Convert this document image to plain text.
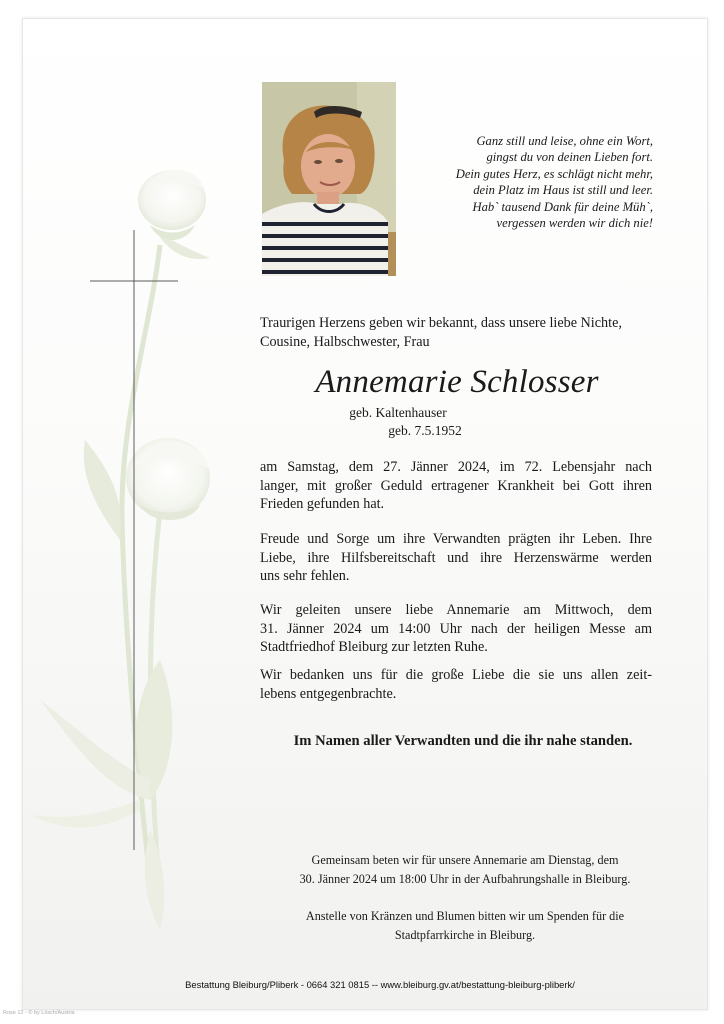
Ganz still und leise, ohne ein Wort,
gingst du von deinen Lieben fort.
Dein gutes Herz, es schlägt nicht mehr,
dein Platz im Haus ist still und leer.
Hab` tausend Dank für deine Müh`,
vergessen werden wir dich nie!
Traurigen Herzens geben wir bekannt, dass unsere liebe Nichte,
Cousine, Halbschwester, Frau
Annemarie Schlosser
geb. Kaltenhauser
geb. 7.5.1952
am Samstag, dem 27. Jänner 2024, im 72. Lebensjahr nach
langer, mit großer Geduld ertragener Krankheit bei Gott ihren
Frieden gefunden hat.
Freude und Sorge um ihre Verwandten prägten ihr Leben. Ihre
Liebe, ihre Hilfsbereitschaft und ihre Herzenswärme werden
uns sehr fehlen.
Wir geleiten unsere liebe Annemarie am Mittwoch, dem
31. Jänner 2024 um 14:00 Uhr nach der heiligen Messe am
Stadtfriedhof Bleiburg zur letzten Ruhe.
Wir bedanken uns für die große Liebe die sie uns allen zeit-
lebens entgegenbrachte.
Im Namen aller Verwandten und die ihr nahe standen.
Gemeinsam beten wir für unsere Annemarie am Dienstag, dem
30. Jänner 2024 um 18:00 Uhr in der Aufbahrungshalle in Bleiburg.
Anstelle von Kränzen und Blumen bitten wir um Spenden für die
Stadtpfarrkirche in Bleiburg.
Bestattung Bleiburg/Pliberk - 0664 321 0815 -- www.bleiburg.gv.at/bestattung-bleiburg-pliberk/
Rose 12 - © by Lösch/Austria
